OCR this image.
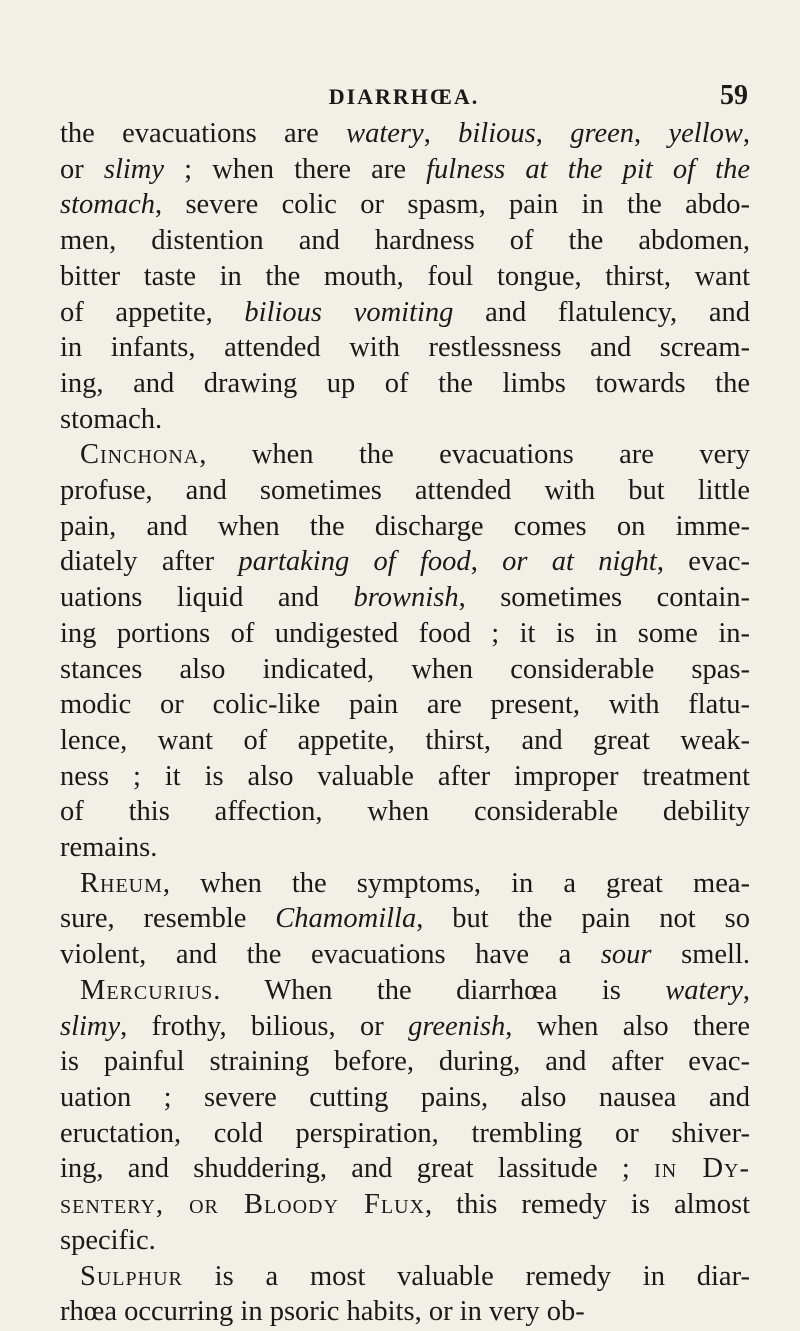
DIARRHŒA.	59
the evacuations are watery, bilious, green, yellow,
or slimy ; when there are fulness at the pit of the
stomach, severe colic or spasm, pain in the abdo-
men, distention and hardness of the abdomen,
bitter taste in the mouth, foul tongue, thirst, want
of appetite, bilious vomiting and flatulency, and
in infants, attended with restlessness and scream-
ing, and drawing up of the limbs towards the
stomach.
Cinchona, when the evacuations are very
profuse, and sometimes attended with but little
pain, and when the discharge comes on imme-
diately after partaking of food, or at night, evac-
uations liquid and brownish, sometimes contain-
ing portions of undigested food ; it is in some in-
stances also indicated, when considerable spas-
modic or colic-like pain are present, with flatu-
lence, want of appetite, thirst, and great weak-
ness ; it is also valuable after improper treatment
of this affection, when considerable debility
remains.
Rheum, when the symptoms, in a great mea-
sure, resemble Chamomilla, but the pain not so
violent, and the evacuations have a sour smell.
Mercurius. When the diarrhœa is watery,
slimy, frothy, bilious, or greenish, when also there
is painful straining before, during, and after evac-
uation ; severe cutting pains, also nausea and
eructation, cold perspiration, trembling or shiver-
ing, and shuddering, and great lassitude ; in Dy-
sentery, or Bloody Flux, this remedy is almost
specific.
Sulphur is a most valuable remedy in diar-
rhœa occurring in psoric habits, or in very ob-
